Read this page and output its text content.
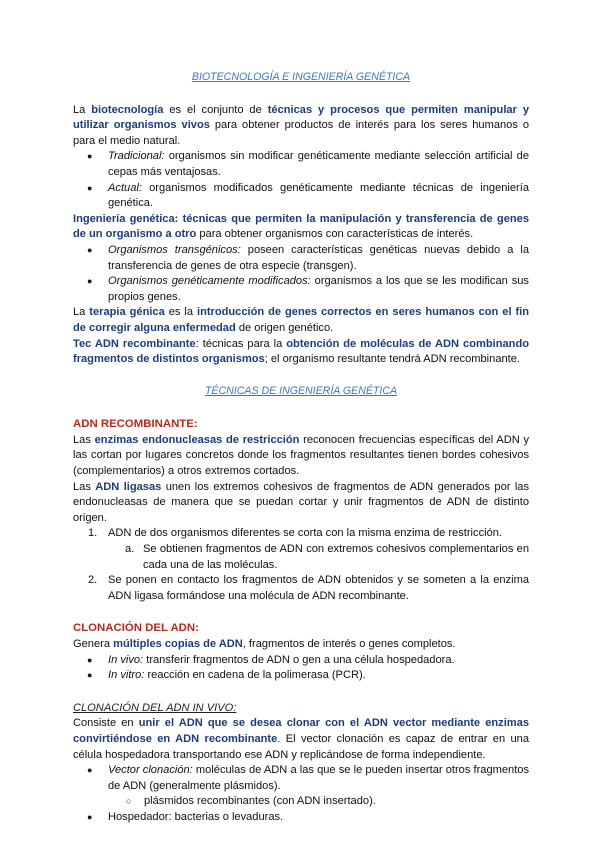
BIOTECNOLOGÍA E INGENIERÍA GENÉTICA

La biotecnología es el conjunto de técnicas y procesos que permiten manipular y utilizar organismos vivos para obtener productos de interés para los seres humanos o para el medio natural.

● Tradicional: organismos sin modificar genéticamente mediante selección artificial de cepas más ventajosas.
● Actual: organismos modificados genéticamente mediante técnicas de ingeniería genética.

Ingeniería genética: técnicas que permiten la manipulación y transferencia de genes de un organismo a otro para obtener organismos con características de interés.

● Organismos transgénicos: poseen características genéticas nuevas debido a la transferencia de genes de otra especie (transgen).
● Organismos genéticamente modificados: organismos a los que se les modifican sus propios genes.

La terapia génica es la introducción de genes correctos en seres humanos con el fin de corregir alguna enfermedad de origen genético.

Tec ADN recombinante: técnicas para la obtención de moléculas de ADN combinando fragmentos de distintos organismos; el organismo resultante tendrá ADN recombinante.

TÉCNICAS DE INGENIERÍA GENÉTICA
ADN RECOMBINANTE:

Las enzimas endonucleasas de restricción reconocen frecuencias específicas del ADN y las cortan por lugares concretos donde los fragmentos resultantes tienen bordes cohesivos (complementarios) a otros extremos cortados.

Las ADN ligasas unen los extremos cohesivos de fragmentos de ADN generados por las endonucleasas de manera que se puedan cortar y unir fragmentos de ADN de distinto origen.

1. ADN de dos organismos diferentes se corta con la misma enzima de restricción.
a. Se obtienen fragmentos de ADN con extremos cohesivos complementarios en cada una de las moléculas.
2. Se ponen en contacto los fragmentos de ADN obtenidos y se someten a la enzima ADN ligasa formándose una molécula de ADN recombinante.
CLONACIÓN DEL ADN:

Genera múltiples copias de ADN, fragmentos de interés o genes completos.

● In vivo: transferir fragmentos de ADN o gen a una célula hospedadora.
● In vitro: reacción en cadena de la polimerasa (PCR).
CLONACIÓN DEL ADN IN VIVO:

Consiste en unir el ADN que se desea clonar con el ADN vector mediante enzimas convirtiéndose en ADN recombinante. El vector clonación es capaz de entrar en una célula hospedadora transportando ese ADN y replicándose de forma independiente.

● Vector clonación: moléculas de ADN a las que se le pueden insertar otros fragmentos de ADN (generalmente plásmidos).
○ plásmidos recombinantes (con ADN insertado).
● Hospedador: bacterias o levaduras.
